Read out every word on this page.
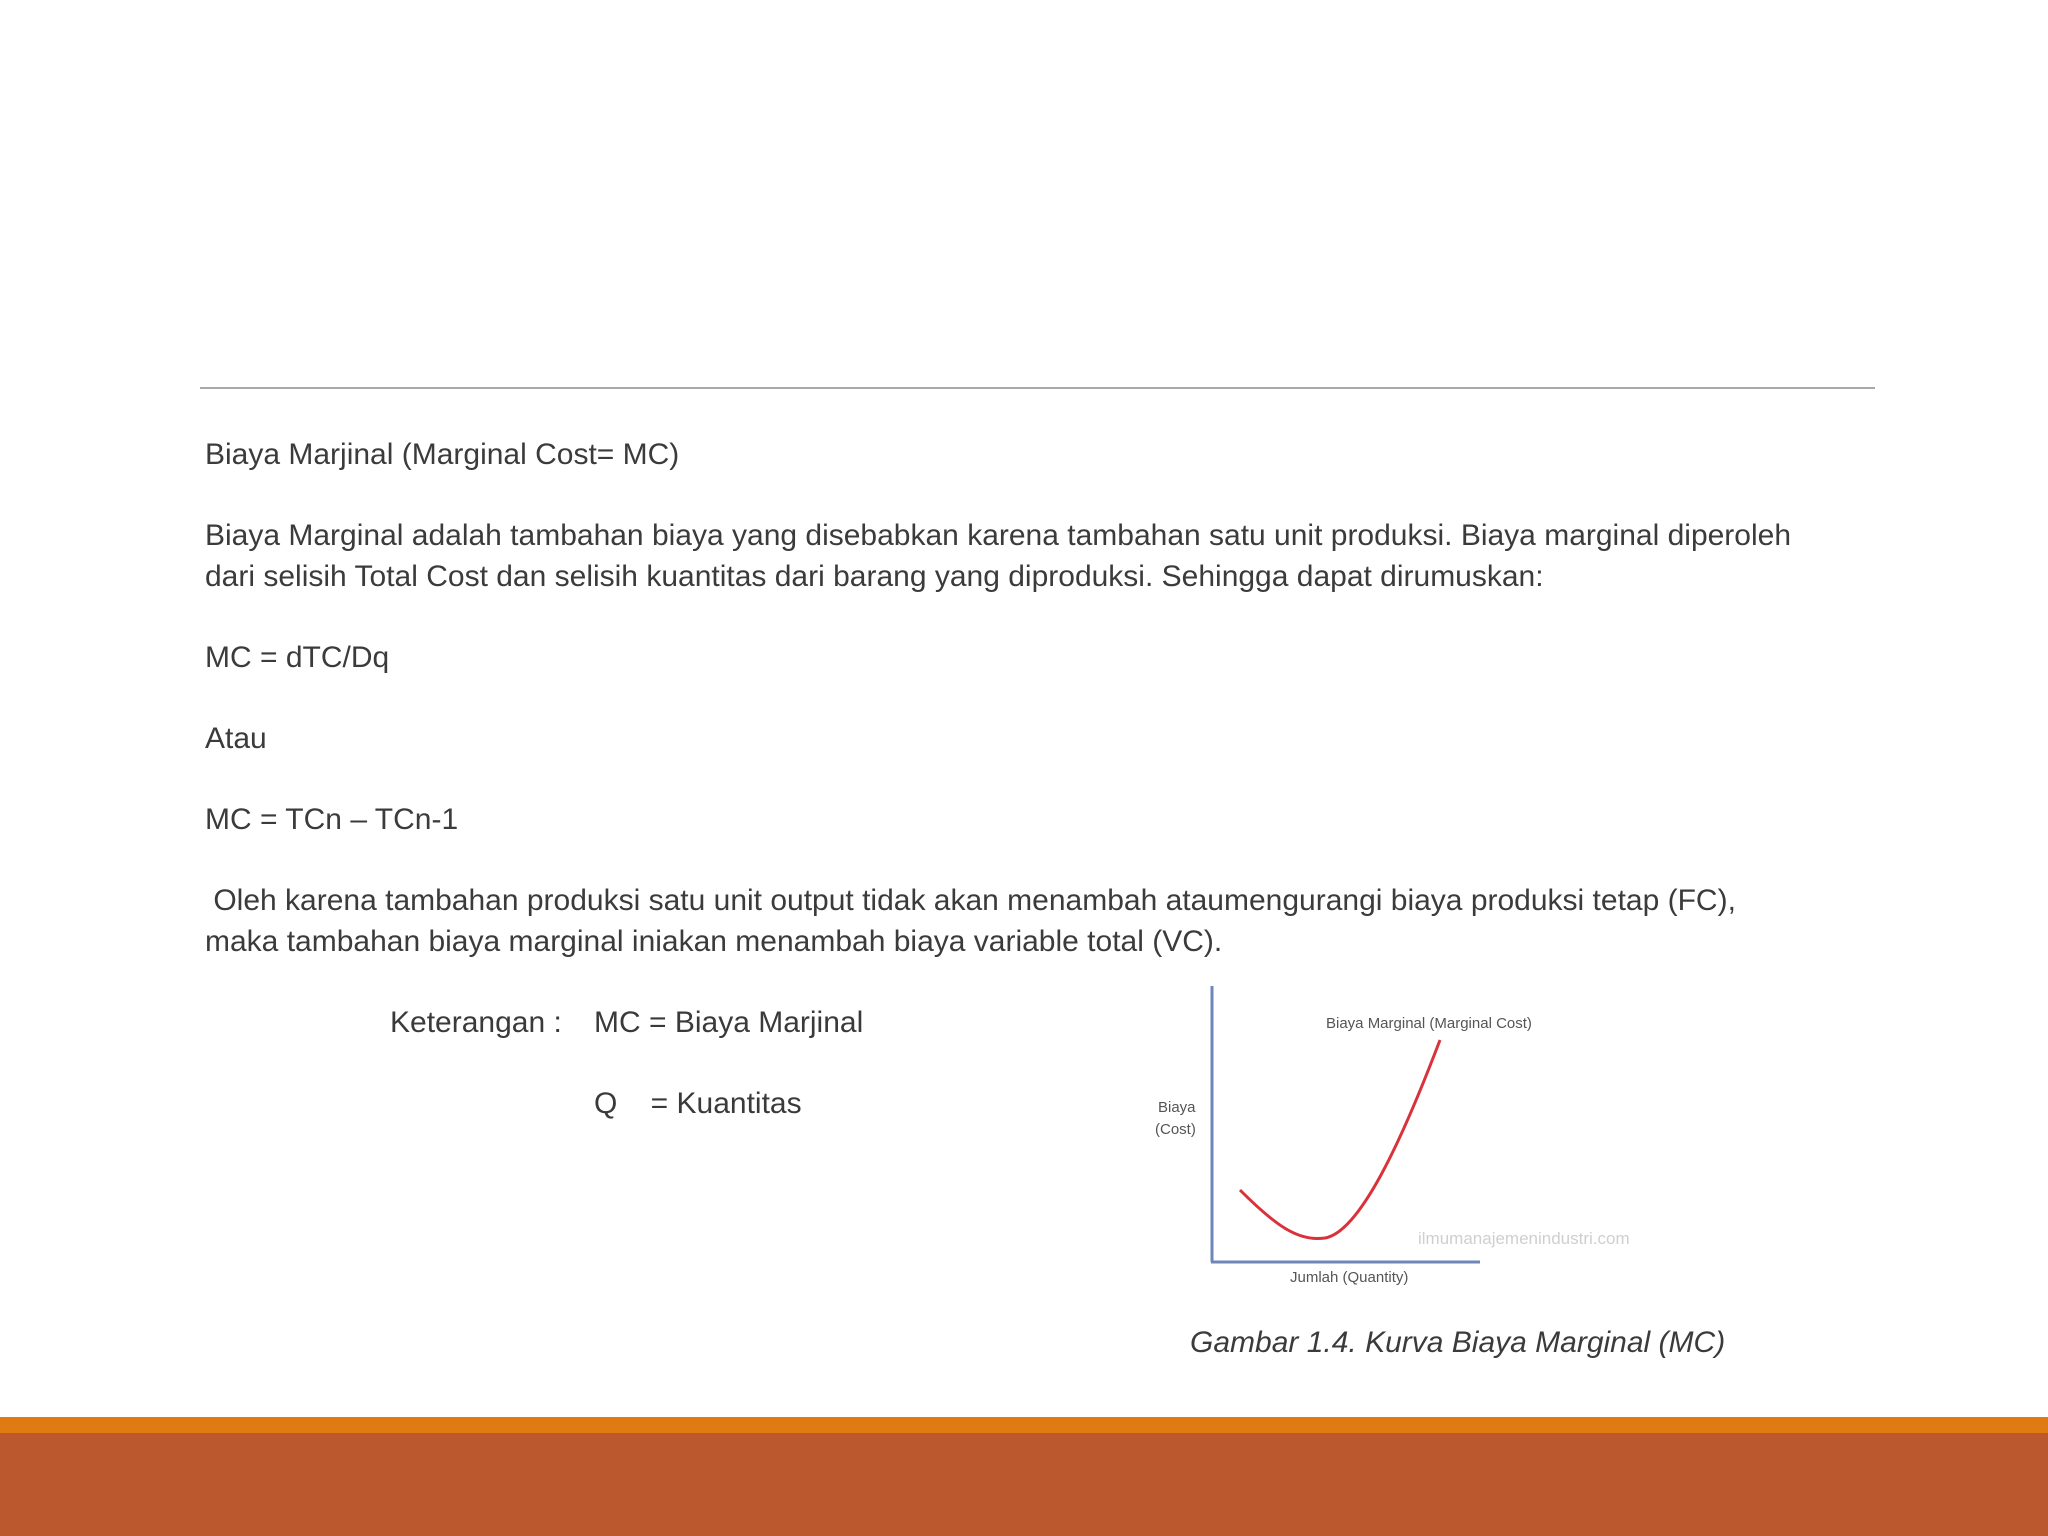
Biaya Marjinal (Marginal Cost= MC)
Biaya Marginal adalah tambahan biaya yang disebabkan karena tambahan satu unit produksi. Biaya marginal diperoleh
dari selisih Total Cost dan selisih kuantitas dari barang yang diproduksi. Sehingga dapat dirumuskan:
MC = dTC/Dq
Atau
MC = TCn – TCn-1
Oleh karena tambahan produksi satu unit output tidak akan menambah ataumengurangi biaya produksi tetap (FC),
maka tambahan biaya marginal iniakan menambah biaya variable total (VC).
Keterangan : MC = Biaya Marjinal
Q    = Kuantitas
Biaya Marginal (Marginal Cost)
Biaya
(Cost)
Jumlah (Quantity)
ilmumanajemenindustri.com
Gambar 1.4. Kurva Biaya Marginal (MC)
